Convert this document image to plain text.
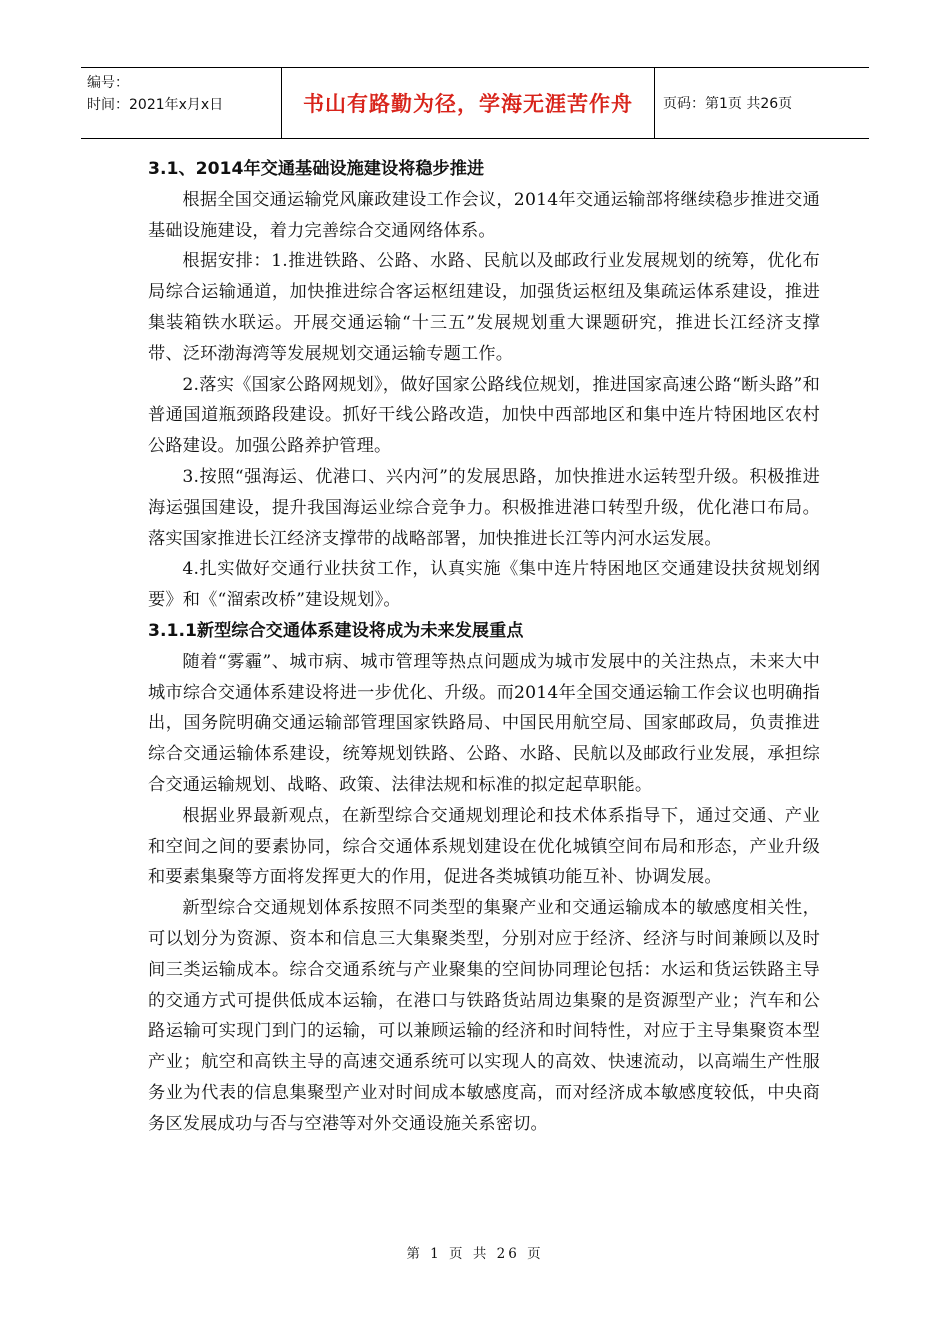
编号：
时间：2021年x月x日	书山有路勤为径，学海无涯苦作舟 页码：第1页 共26页
3.1、2014年交通基础设施建设将稳步推进

根据全国交通运输党风廉政建设工作会议，2014年交通运输部将继续稳步推进交通基础设施建设，着力完善综合交通网络体系。

根据安排：1.推进铁路、公路、水路、民航以及邮政行业发展规划的统筹，优化布局综合运输通道，加快推进综合客运枢纽建设，加强货运枢纽及集疏运体系建设，推进集装箱铁水联运。开展交通运输“十三五”发展规划重大课题研究，推进长江经济支撑带、泛环渤海湾等发展规划交通运输专题工作。

2.落实《国家公路网规划》，做好国家公路线位规划，推进国家高速公路“断头路”和普通国道瓶颈路段建设。抓好干线公路改造，加快中西部地区和集中连片特困地区农村公路建设。加强公路养护管理。

3.按照“强海运、优港口、兴内河”的发展思路，加快推进水运转型升级。积极推进海运强国建设，提升我国海运业综合竞争力。积极推进港口转型升级，优化港口布局。落实国家推进长江经济支撑带的战略部署，加快推进长江等内河水运发展。

4.扎实做好交通行业扶贫工作，认真实施《集中连片特困地区交通建设扶贫规划纲要》和《“溜索改桥”建设规划》。

3.1.1新型综合交通体系建设将成为未来发展重点

随着“雾霾”、城市病、城市管理等热点问题成为城市发展中的关注热点，未来大中城市综合交通体系建设将进一步优化、升级。而2014年全国交通运输工作会议也明确指出，国务院明确交通运输部管理国家铁路局、中国民用航空局、国家邮政局，负责推进综合交通运输体系建设，统筹规划铁路、公路、水路、民航以及邮政行业发展，承担综合交通运输规划、战略、政策、法律法规和标准的拟定起草职能。

根据业界最新观点，在新型综合交通规划理论和技术体系指导下，通过交通、产业和空间之间的要素协同，综合交通体系规划建设在优化城镇空间布局和形态，产业升级和要素集聚等方面将发挥更大的作用，促进各类城镇功能互补、协调发展。

新型综合交通规划体系按照不同类型的集聚产业和交通运输成本的敏感度相关性，可以划分为资源、资本和信息三大集聚类型，分别对应于经济、经济与时间兼顾以及时间三类运输成本。综合交通系统与产业聚集的空间协同理论包括：水运和货运铁路主导的交通方式可提供低成本运输，在港口与铁路货站周边集聚的是资源型产业；汽车和公路运输可实现门到门的运输，可以兼顾运输的经济和时间特性，对应于主导集聚资本型产业；航空和高铁主导的高速交通系统可以实现人的高效、快速流动，以高端生产性服务业为代表的信息集聚型产业对时间成本敏感度高，而对经济成本敏感度较低，中央商务区发展成功与否与空港等对外交通设施关系密切。

第 1 页 共 26 页
